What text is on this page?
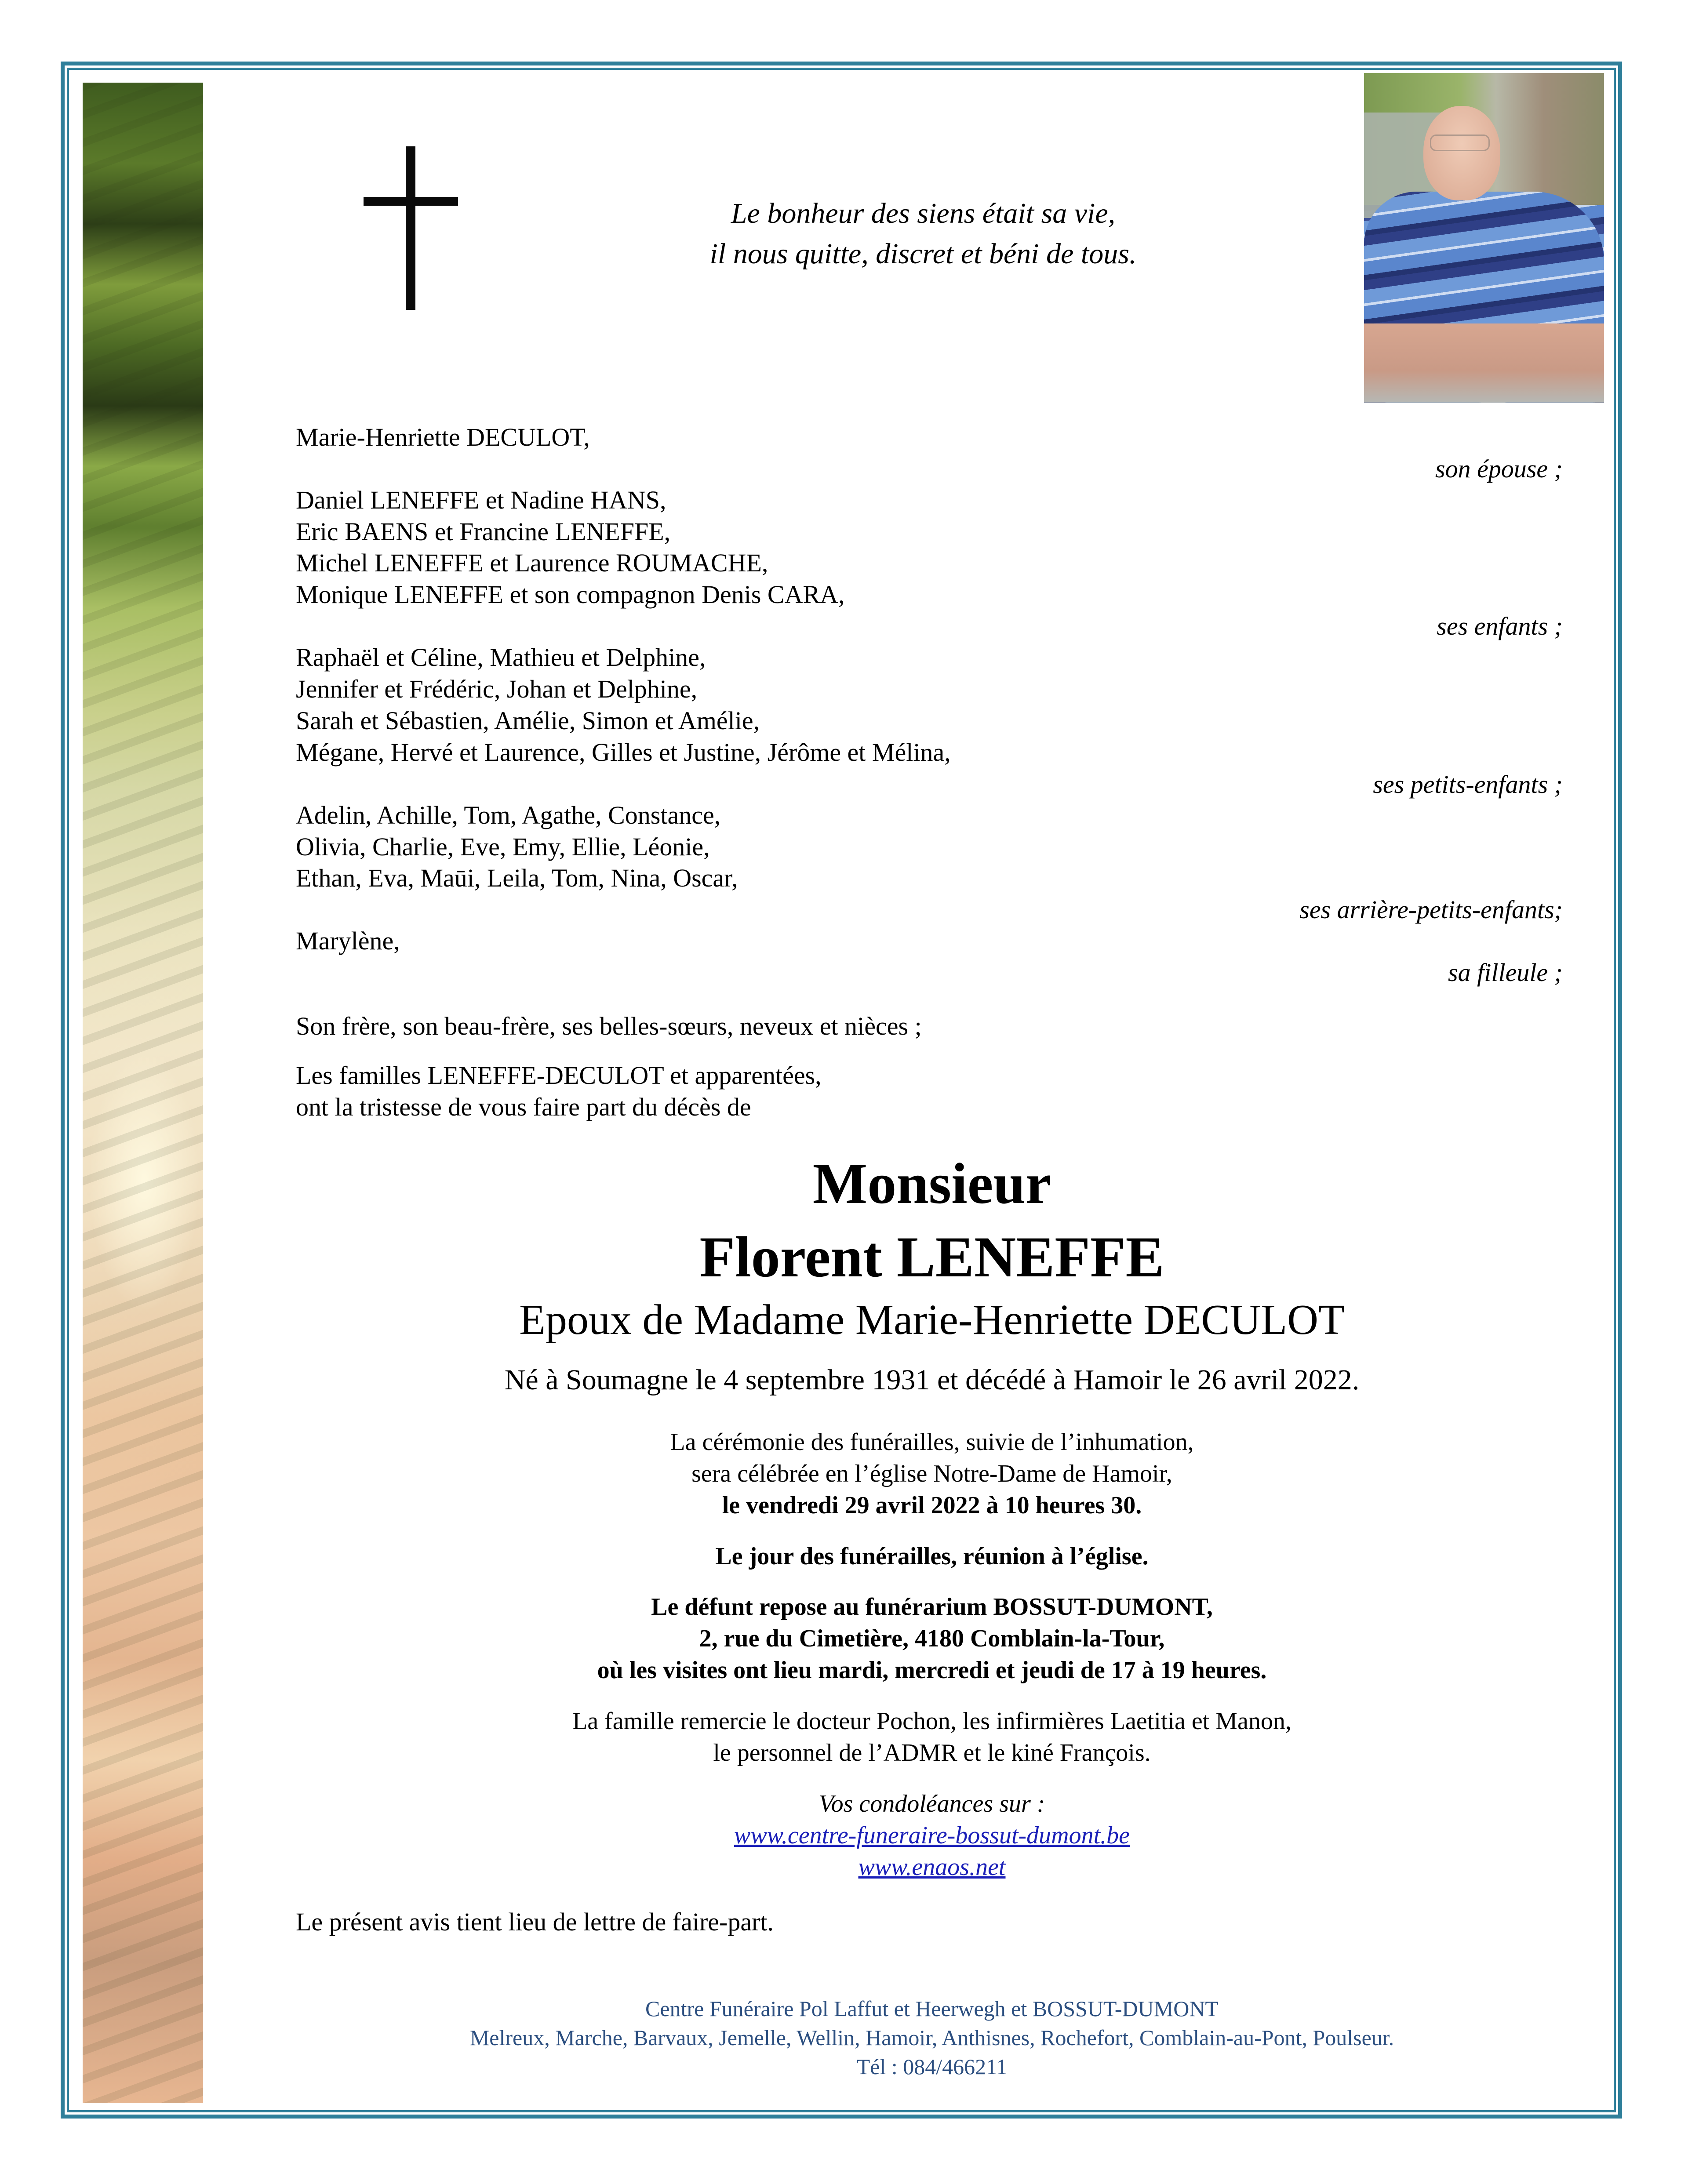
Le bonheur des siens était sa vie,
il nous quitte, discret et béni de tous.
Marie-Henriette DECULOT,
son épouse ;
Daniel LENEFFE et Nadine HANS,
Eric BAENS et Francine LENEFFE,
Michel LENEFFE et Laurence ROUMACHE,
Monique LENEFFE et son compagnon Denis CARA,
ses enfants ;
Raphaël et Céline, Mathieu et Delphine,
Jennifer et Frédéric, Johan et Delphine,
Sarah et Sébastien, Amélie, Simon et Amélie,
Mégane, Hervé et Laurence, Gilles et Justine, Jérôme et Mélina,
ses petits-enfants ;
Adelin, Achille, Tom, Agathe, Constance,
Olivia, Charlie, Eve, Emy, Ellie, Léonie,
Ethan, Eva, Maūi, Leila, Tom, Nina, Oscar,
ses arrière-petits-enfants;
Marylène,
sa filleule ;
Son frère, son beau-frère, ses belles-sœurs, neveux et nièces ;
Les familles LENEFFE-DECULOT et apparentées,
ont la tristesse de vous faire part du décès de
Le présent avis tient lieu de lettre de faire-part.
Monsieur
Florent LENEFFE
Epoux de Madame Marie-Henriette DECULOT
Né à Soumagne le 4 septembre 1931 et décédé à Hamoir le 26 avril 2022.
La cérémonie des funérailles, suivie de l’inhumation,
sera célébrée en l’église Notre-Dame de Hamoir,
le vendredi 29 avril 2022 à 10 heures 30.
Le jour des funérailles, réunion à l’église.
Le défunt repose au funérarium BOSSUT-DUMONT,
2, rue du Cimetière, 4180 Comblain-la-Tour,
où les visites ont lieu mardi, mercredi et jeudi de 17 à 19 heures.
La famille remercie le docteur Pochon, les infirmières Laetitia et Manon,
le personnel de l’ADMR et le kiné François.
Vos condoléances sur :
www.centre-funeraire-bossut-dumont.be
www.enaos.net
Centre Funéraire Pol Laffut et Heerwegh et BOSSUT-DUMONT
Melreux, Marche, Barvaux, Jemelle, Wellin, Hamoir, Anthisnes, Rochefort, Comblain-au-Pont, Poulseur.
Tél : 084/466211
